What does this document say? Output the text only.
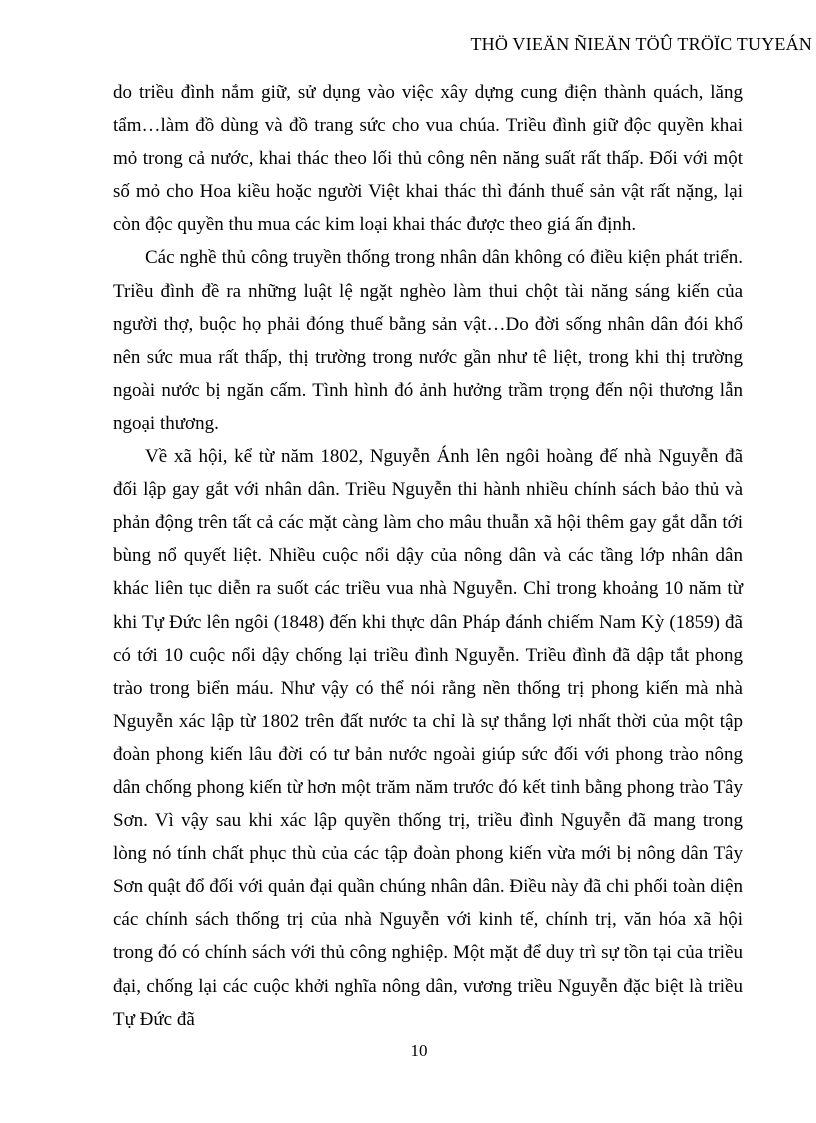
THÖ VIEÄN ÑIEÄN TÖÛ TRÖÏC TUYEÁN

do triều đình nắm giữ, sử dụng vào việc xây dựng cung điện thành quách, lăng tẩm…làm đồ dùng và đồ trang sức cho vua chúa. Triều đình giữ độc quyền khai mỏ trong cả nước, khai thác theo lối thủ công nên năng suất rất thấp. Đối với một số mỏ cho Hoa kiều hoặc người Việt khai thác thì đánh thuế sản vật rất nặng, lại còn độc quyền thu mua các kim loại khai thác được theo giá ấn định.

Các nghề thủ công truyền thống trong nhân dân không có điều kiện phát triển. Triều đình đề ra những luật lệ ngặt nghèo làm thui chột tài năng sáng kiến của người thợ, buộc họ phải đóng thuế bằng sản vật…Do đời sống nhân dân đói khổ nên sức mua rất thấp, thị trường trong nước gần như tê liệt, trong khi thị trường ngoài nước bị ngăn cấm. Tình hình đó ảnh hưởng trầm trọng đến nội thương lẫn ngoại thương.

Về xã hội, kể từ năm 1802, Nguyễn Ánh lên ngôi hoàng đế nhà Nguyễn đã đối lập gay gắt với nhân dân. Triều Nguyễn thi hành nhiều chính sách bảo thủ và phản động trên tất cả các mặt càng làm cho mâu thuẫn xã hội thêm gay gắt dẫn tới bùng nổ quyết liệt. Nhiều cuộc nổi dậy của nông dân và các tầng lớp nhân dân khác liên tục diễn ra suốt các triều vua nhà Nguyễn. Chỉ trong khoảng 10 năm từ khi Tự Đức lên ngôi (1848) đến khi thực dân Pháp đánh chiếm Nam Kỳ (1859) đã có tới 10 cuộc nổi dậy chống lại triều đình Nguyễn. Triều đình đã dập tắt phong trào trong biển máu. Như vậy có thể nói rằng nền thống trị phong kiến mà nhà Nguyễn xác lập từ 1802 trên đất nước ta chỉ là sự thắng lợi nhất thời của một tập đoàn phong kiến lâu đời có tư bản nước ngoài giúp sức đối với phong trào nông dân chống phong kiến từ hơn một trăm năm trước đó kết tinh bằng phong trào Tây Sơn. Vì vậy sau khi xác lập quyền thống trị, triều đình Nguyễn đã mang trong lòng nó tính chất phục thù của các tập đoàn phong kiến vừa mới bị nông dân Tây Sơn quật đổ đối với quản đại quần chúng nhân dân. Điều này đã chi phối toàn diện các chính sách thống trị của nhà Nguyễn với kinh tế, chính trị, văn hóa xã hội trong đó có chính sách với thủ công nghiệp. Một mặt để duy trì sự tồn tại của triều đại, chống lại các cuộc khởi nghĩa nông dân, vương triều Nguyễn đặc biệt là triều Tự Đức đã

10
